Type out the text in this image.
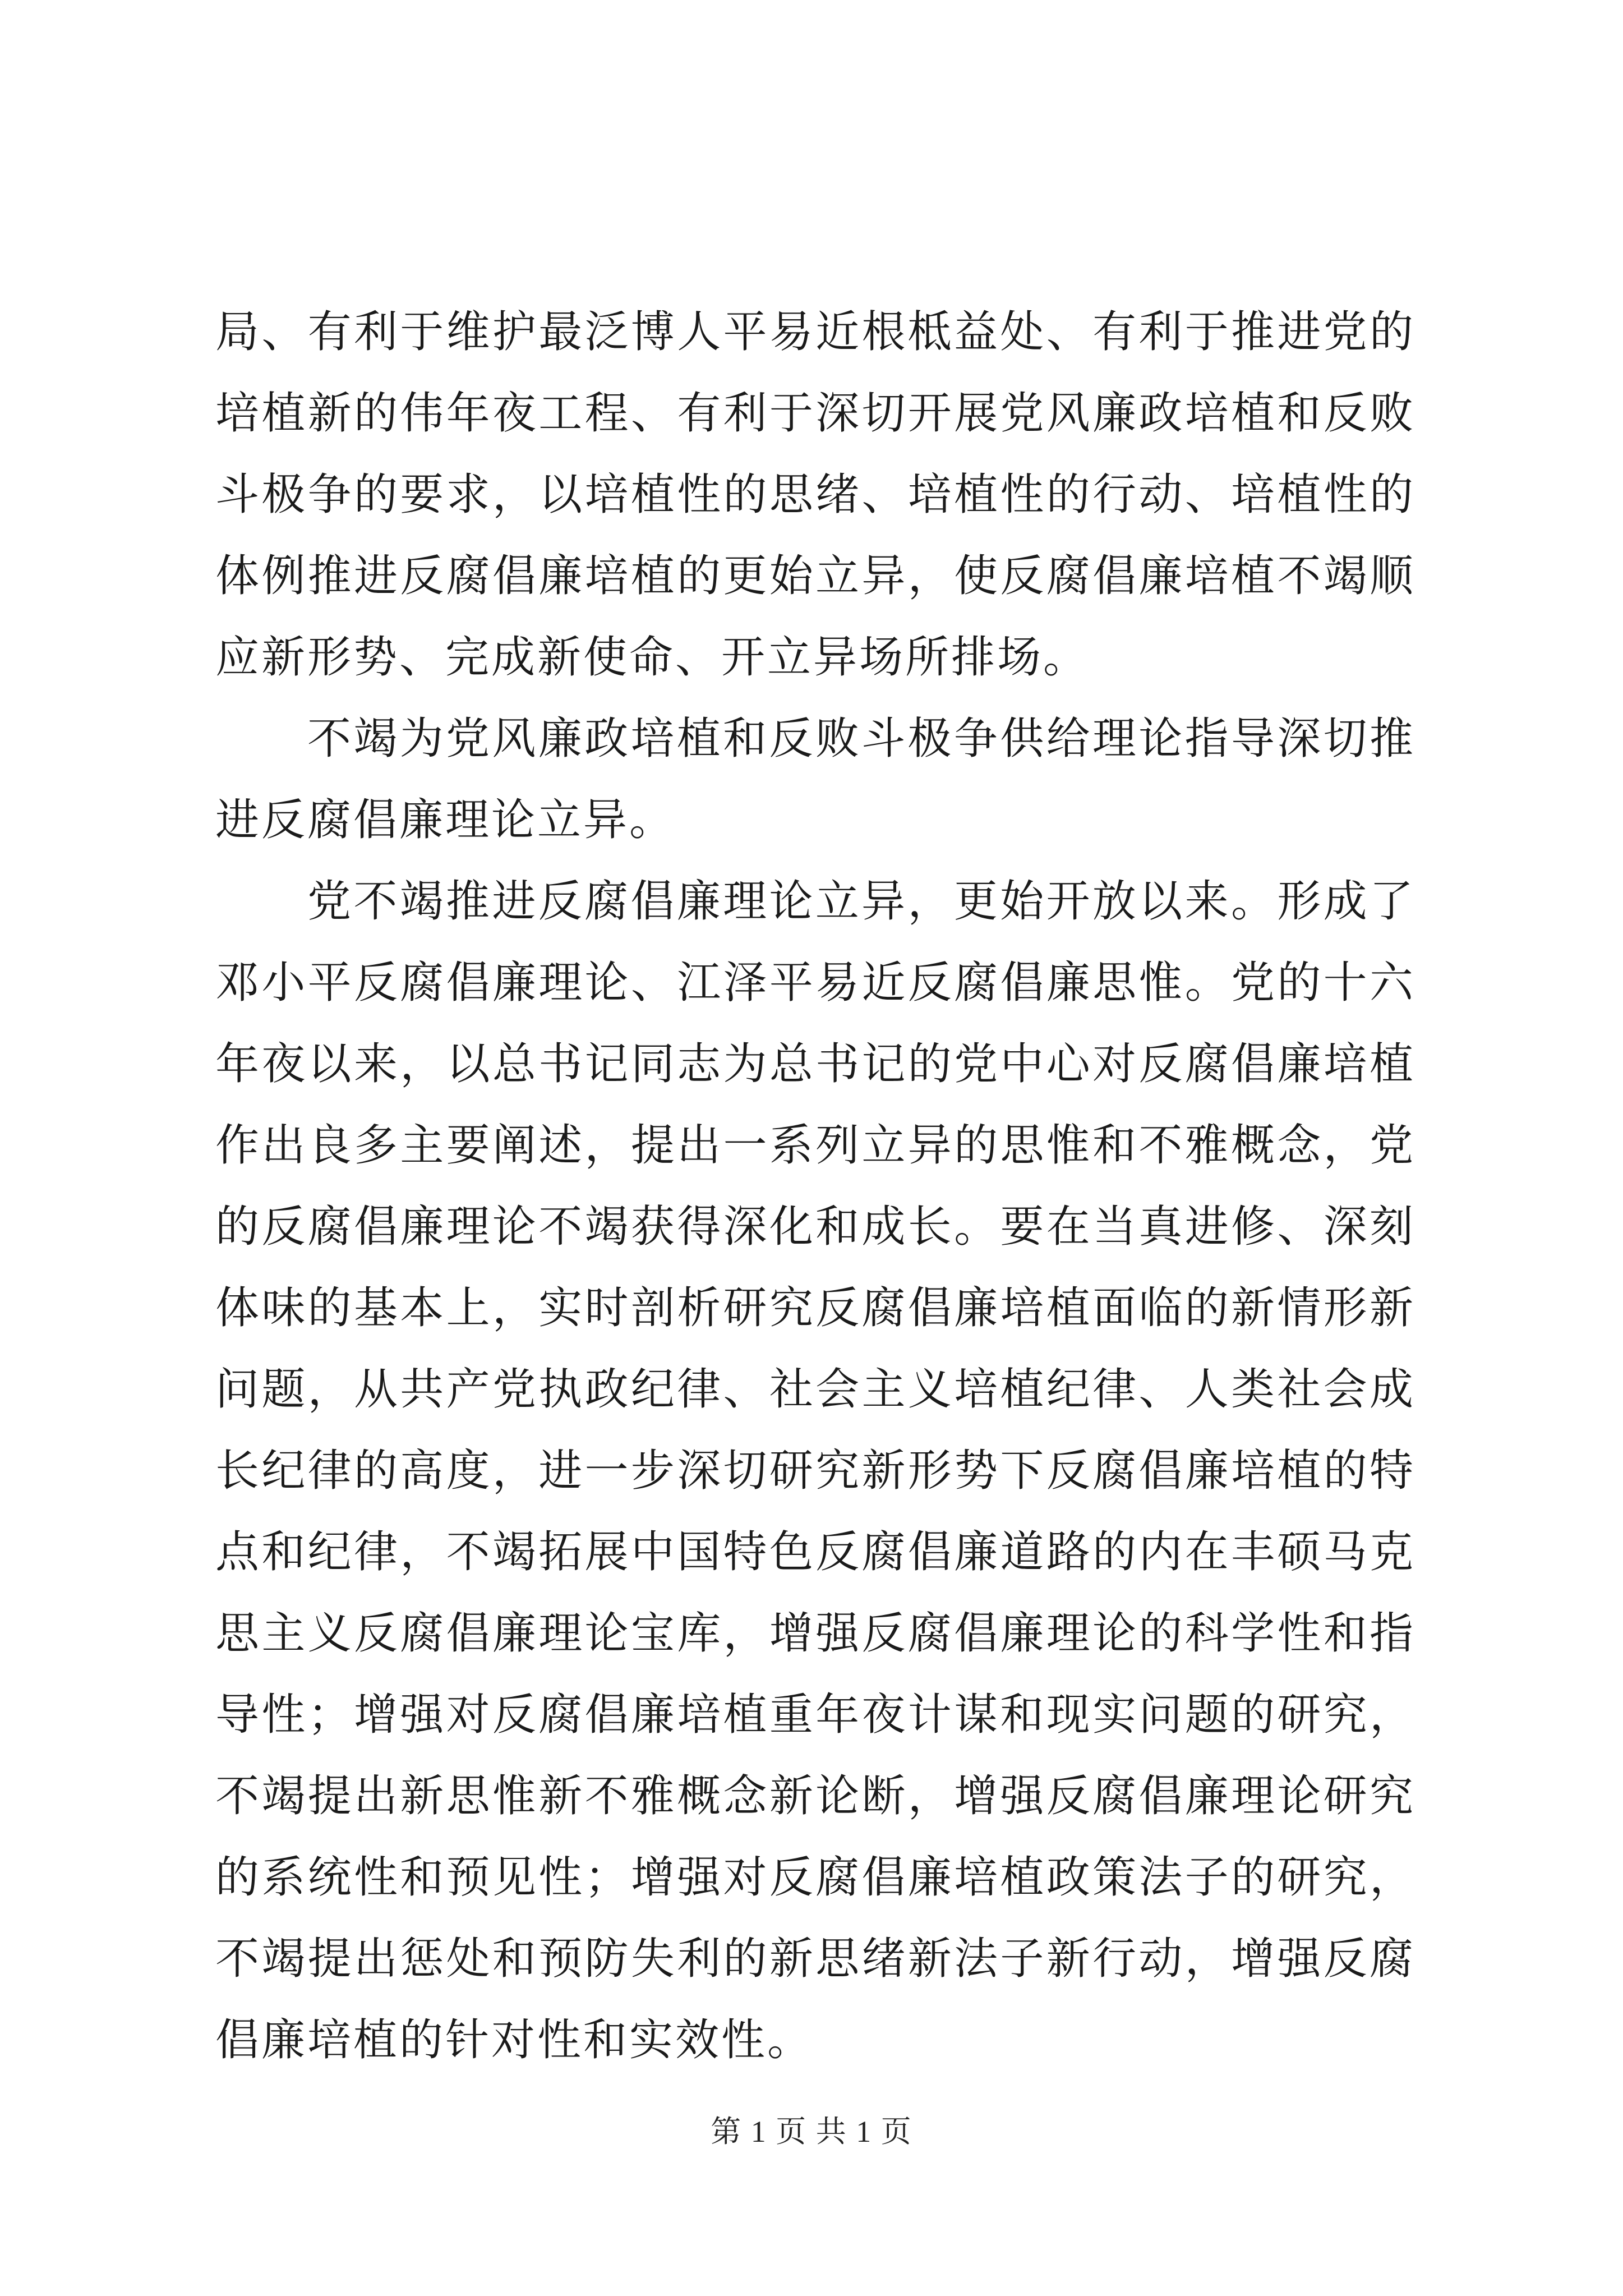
局、有利于维护最泛博人平易近根柢益处、有利于推进党的培植新的伟年夜工程、有利于深切开展党风廉政培植和反败斗极争的要求，以培植性的思绪、培植性的行动、培植性的体例推进反腐倡廉培植的更始立异，使反腐倡廉培植不竭顺应新形势、完成新使命、开立异场所排场。

不竭为党风廉政培植和反败斗极争供给理论指导深切推进反腐倡廉理论立异。

党不竭推进反腐倡廉理论立异，更始开放以来。形成了邓小平反腐倡廉理论、江泽平易近反腐倡廉思惟。党的十六年夜以来，以总书记同志为总书记的党中心对反腐倡廉培植作出良多主要阐述，提出一系列立异的思惟和不雅概念，党的反腐倡廉理论不竭获得深化和成长。要在当真进修、深刻体味的基本上，实时剖析研究反腐倡廉培植面临的新情形新问题，从共产党执政纪律、社会主义培植纪律、人类社会成长纪律的高度，进一步深切研究新形势下反腐倡廉培植的特点和纪律，不竭拓展中国特色反腐倡廉道路的内在丰硕马克思主义反腐倡廉理论宝库，增强反腐倡廉理论的科学性和指导性；增强对反腐倡廉培植重年夜计谋和现实问题的研究，不竭提出新思惟新不雅概念新论断，增强反腐倡廉理论研究的系统性和预见性；增强对反腐倡廉培植政策法子的研究，不竭提出惩处和预防失利的新思绪新法子新行动，增强反腐倡廉培植的针对性和实效性。

第 1 页 共 1 页
